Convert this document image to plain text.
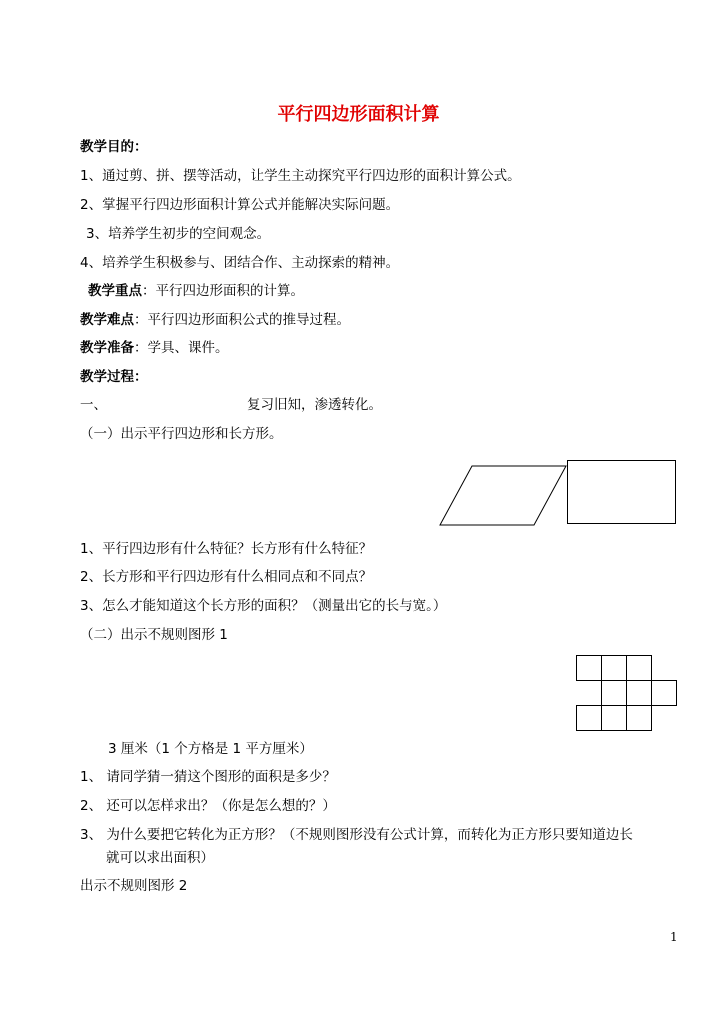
平行四边形面积计算
教学目的：
1、通过剪、拼、摆等活动，让学生主动探究平行四边形的面积计算公式。
2、掌握平行四边形面积计算公式并能解决实际问题。
3、培养学生初步的空间观念。
4、培养学生积极参与、团结合作、主动探索的精神。
教学重点：平行四边形面积的计算。
教学难点：平行四边形面积公式的推导过程。
教学准备：学具、课件。
教学过程：
一、	复习旧知，渗透转化。
（一）出示平行四边形和长方形。
1、平行四边形有什么特征？长方形有什么特征？
2、长方形和平行四边形有什么相同点和不同点？
3、怎么才能知道这个长方形的面积？（测量出它的长与宽。）
（二）出示不规则图形 1
3 厘米（1 个方格是 1 平方厘米）
1、 请同学猜一猜这个图形的面积是多少？
2、 还可以怎样求出？（你是怎么想的？）
3、 为什么要把它转化为正方形？（不规则图形没有公式计算，而转化为正方形只要知道边长
就可以求出面积）
出示不规则图形 2
1
